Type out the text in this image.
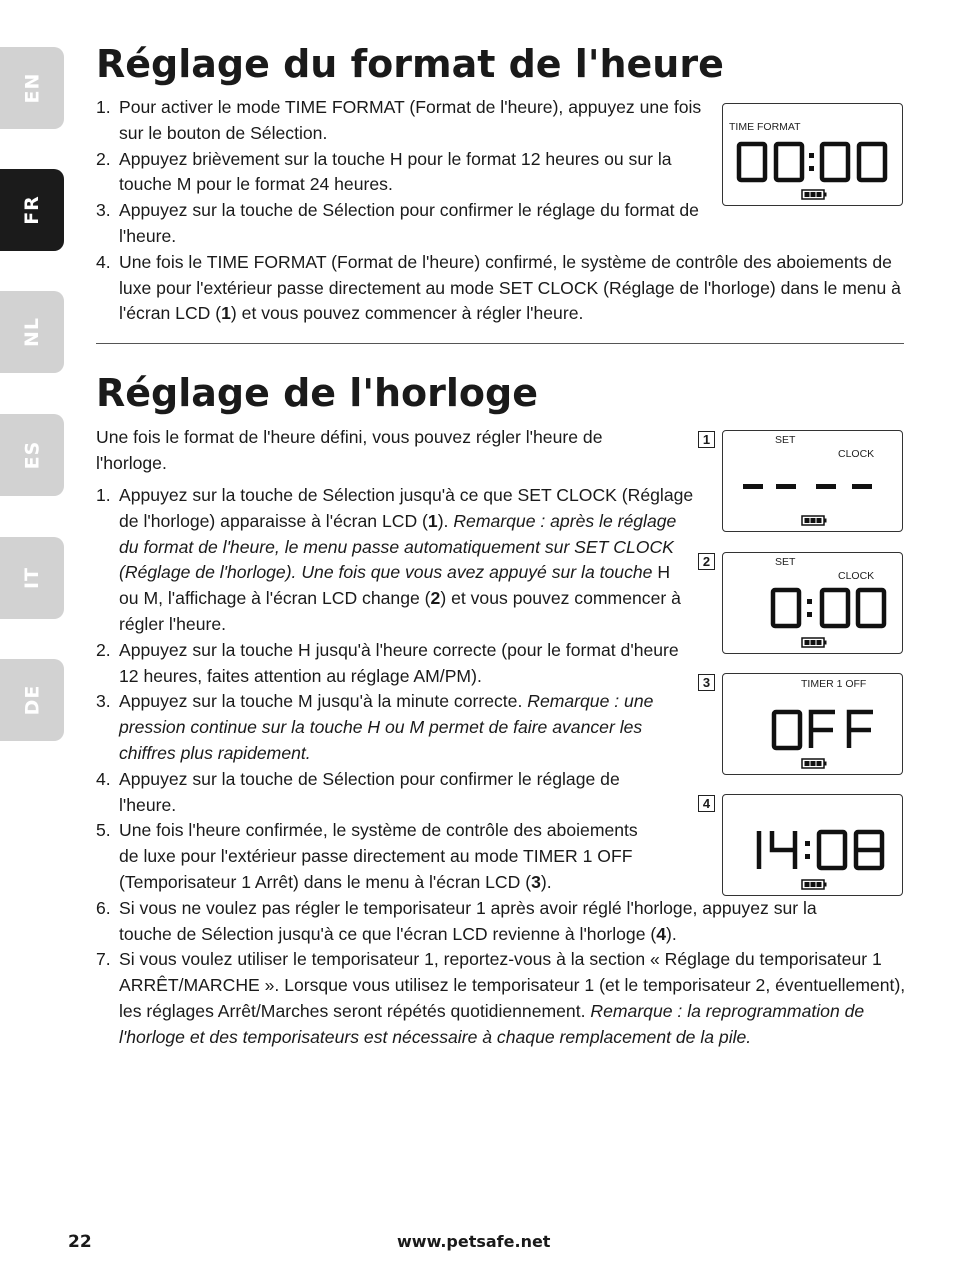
EN
FR
NL
ES
IT
DE
Réglage du format de l'heure
1. Pour activer le mode TIME FORMAT (Format de l'heure), appuyez une fois sur le bouton de Sélection.
2. Appuyez brièvement sur la touche H pour le format 12 heures ou sur la touche M pour le format 24 heures.
3. Appuyez sur la touche de Sélection pour confirmer le réglage du format de l'heure.
4. Une fois le TIME FORMAT (Format de l'heure) confirmé, le système de contrôle des aboiements de luxe pour l'extérieur passe directement au mode SET CLOCK (Réglage de l'horloge) dans le menu à l'écran LCD (1) et vous pouvez commencer à régler l'heure.
TIME FORMAT
Réglage de l'horloge

Une fois le format de l'heure défini, vous pouvez régler l'heure de l'horloge.

1. Appuyez sur la touche de Sélection jusqu'à ce que SET CLOCK (Réglage de l'horloge) apparaisse à l'écran LCD (1). Remarque : après le réglage du format de l'heure, le menu passe automatiquement sur SET CLOCK (Réglage de l'horloge). Une fois que vous avez appuyé sur la touche H ou M, l'affichage à l'écran LCD change (2) et vous pouvez commencer à régler l'heure.
2. Appuyez sur la touche H jusqu'à l'heure correcte (pour le format d'heure 12 heures, faites attention au réglage AM/PM).
3. Appuyez sur la touche M jusqu'à la minute correcte. Remarque : une pression continue sur la touche H ou M permet de faire avancer les chiffres plus rapidement.
4. Appuyez sur la touche de Sélection pour confirmer le réglage de l'heure.
5. Une fois l'heure confirmée, le système de contrôle des aboiements de luxe pour l'extérieur passe directement au mode TIMER 1 OFF (Temporisateur 1 Arrêt) dans le menu à l'écran LCD (3).
6. Si vous ne voulez pas régler le temporisateur 1 après avoir réglé l'horloge, appuyez sur la touche de Sélection jusqu'à ce que l'écran LCD revienne à l'horloge (4).
7. Si vous voulez utiliser le temporisateur 1, reportez-vous à la section « Réglage du temporisateur 1 ARRÊT/MARCHE ». Lorsque vous utilisez le temporisateur 1 (et le temporisateur 2, éventuellement), les réglages Arrêt/Marches seront répétés quotidiennement. Remarque : la reprogrammation de l'horloge et des temporisateurs est nécessaire à chaque remplacement de la pile.
1	SET
CLOCK
2	SET
CLOCK
3	TIMER 1 OFF
4
22	www.petsafe.net
